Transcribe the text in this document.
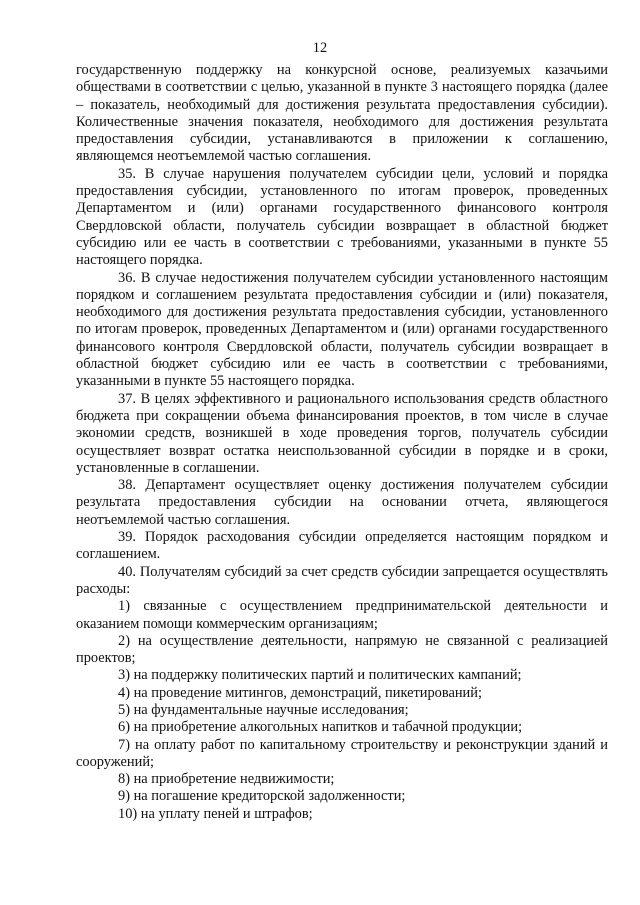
12

государственную поддержку на конкурсной основе, реализуемых казачьими обществами в соответствии с целью, указанной в пункте 3 настоящего порядка (далее – показатель, необходимый для достижения результата предоставления субсидии). Количественные значения показателя, необходимого для достижения результата предоставления субсидии, устанавливаются в приложении к соглашению, являющемся неотъемлемой частью соглашения.

35. В случае нарушения получателем субсидии цели, условий и порядка предоставления субсидии, установленного по итогам проверок, проведенных Департаментом и (или) органами государственного финансового контроля Свердловской области, получатель субсидии возвращает в областной бюджет субсидию или ее часть в соответствии с требованиями, указанными в пункте 55 настоящего порядка.

36. В случае недостижения получателем субсидии установленного настоящим порядком и соглашением результата предоставления субсидии и (или) показателя, необходимого для достижения результата предоставления субсидии, установленного по итогам проверок, проведенных Департаментом и (или) органами государственного финансового контроля Свердловской области, получатель субсидии возвращает в областной бюджет субсидию или ее часть в соответствии с требованиями, указанными в пункте 55 настоящего порядка.

37. В целях эффективного и рационального использования средств областного бюджета при сокращении объема финансирования проектов, в том числе в случае экономии средств, возникшей в ходе проведения торгов, получатель субсидии осуществляет возврат остатка неиспользованной субсидии в порядке и в сроки, установленные в соглашении.

38. Департамент осуществляет оценку достижения получателем субсидии результата предоставления субсидии на основании отчета, являющегося неотъемлемой частью соглашения.

39. Порядок расходования субсидии определяется настоящим порядком и соглашением.

40. Получателям субсидий за счет средств субсидии запрещается осуществлять расходы:

1) связанные с осуществлением предпринимательской деятельности и оказанием помощи коммерческим организациям;

2) на осуществление деятельности, напрямую не связанной с реализацией проектов;

3) на поддержку политических партий и политических кампаний;

4) на проведение митингов, демонстраций, пикетирований;

5) на фундаментальные научные исследования;

6) на приобретение алкогольных напитков и табачной продукции;

7) на оплату работ по капитальному строительству и реконструкции зданий и сооружений;

8) на приобретение недвижимости;

9) на погашение кредиторской задолженности;

10) на уплату пеней и штрафов;
